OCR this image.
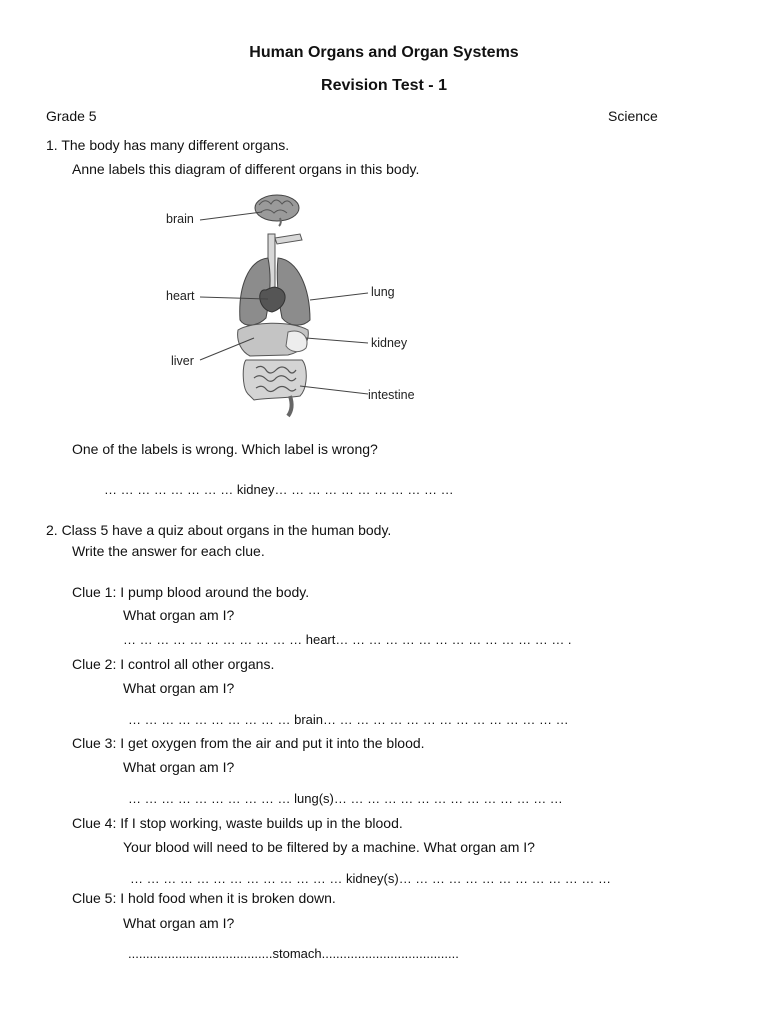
Human Organs and Organ Systems
Revision Test - 1
Grade 5	Science
1. The body has many different organs.
Anne labels this diagram of different organs in this body.
brain
heart
liver
lung
kidney
intestine
One of the labels is wrong. Which label is wrong?
… … … … … … … … kidney… … … … … … … … … … …
2. Class 5 have a quiz about organs in the human body.
Write the answer for each clue.
Clue 1: I pump blood around the body.
What organ am I?
… … … … … … … … … … … heart… … … … … … … … … … … … … … .
Clue 2: I control all other organs.
What organ am I?
… … … … … … … … … … brain… … … … … … … … … … … … … … …
Clue 3: I get oxygen from the air and put it into the blood.
What organ am I?
… … … … … … … … … … lung(s)… … … … … … … … … … … … … …
Clue 4: If I stop working, waste builds up in the blood.
Your blood will need to be filtered by a machine. What organ am I?
… … … … … … … … … … … … … kidney(s)… … … … … … … … … … … … …
Clue 5: I hold food when it is broken down.
What organ am I?
........................................stomach......................................
